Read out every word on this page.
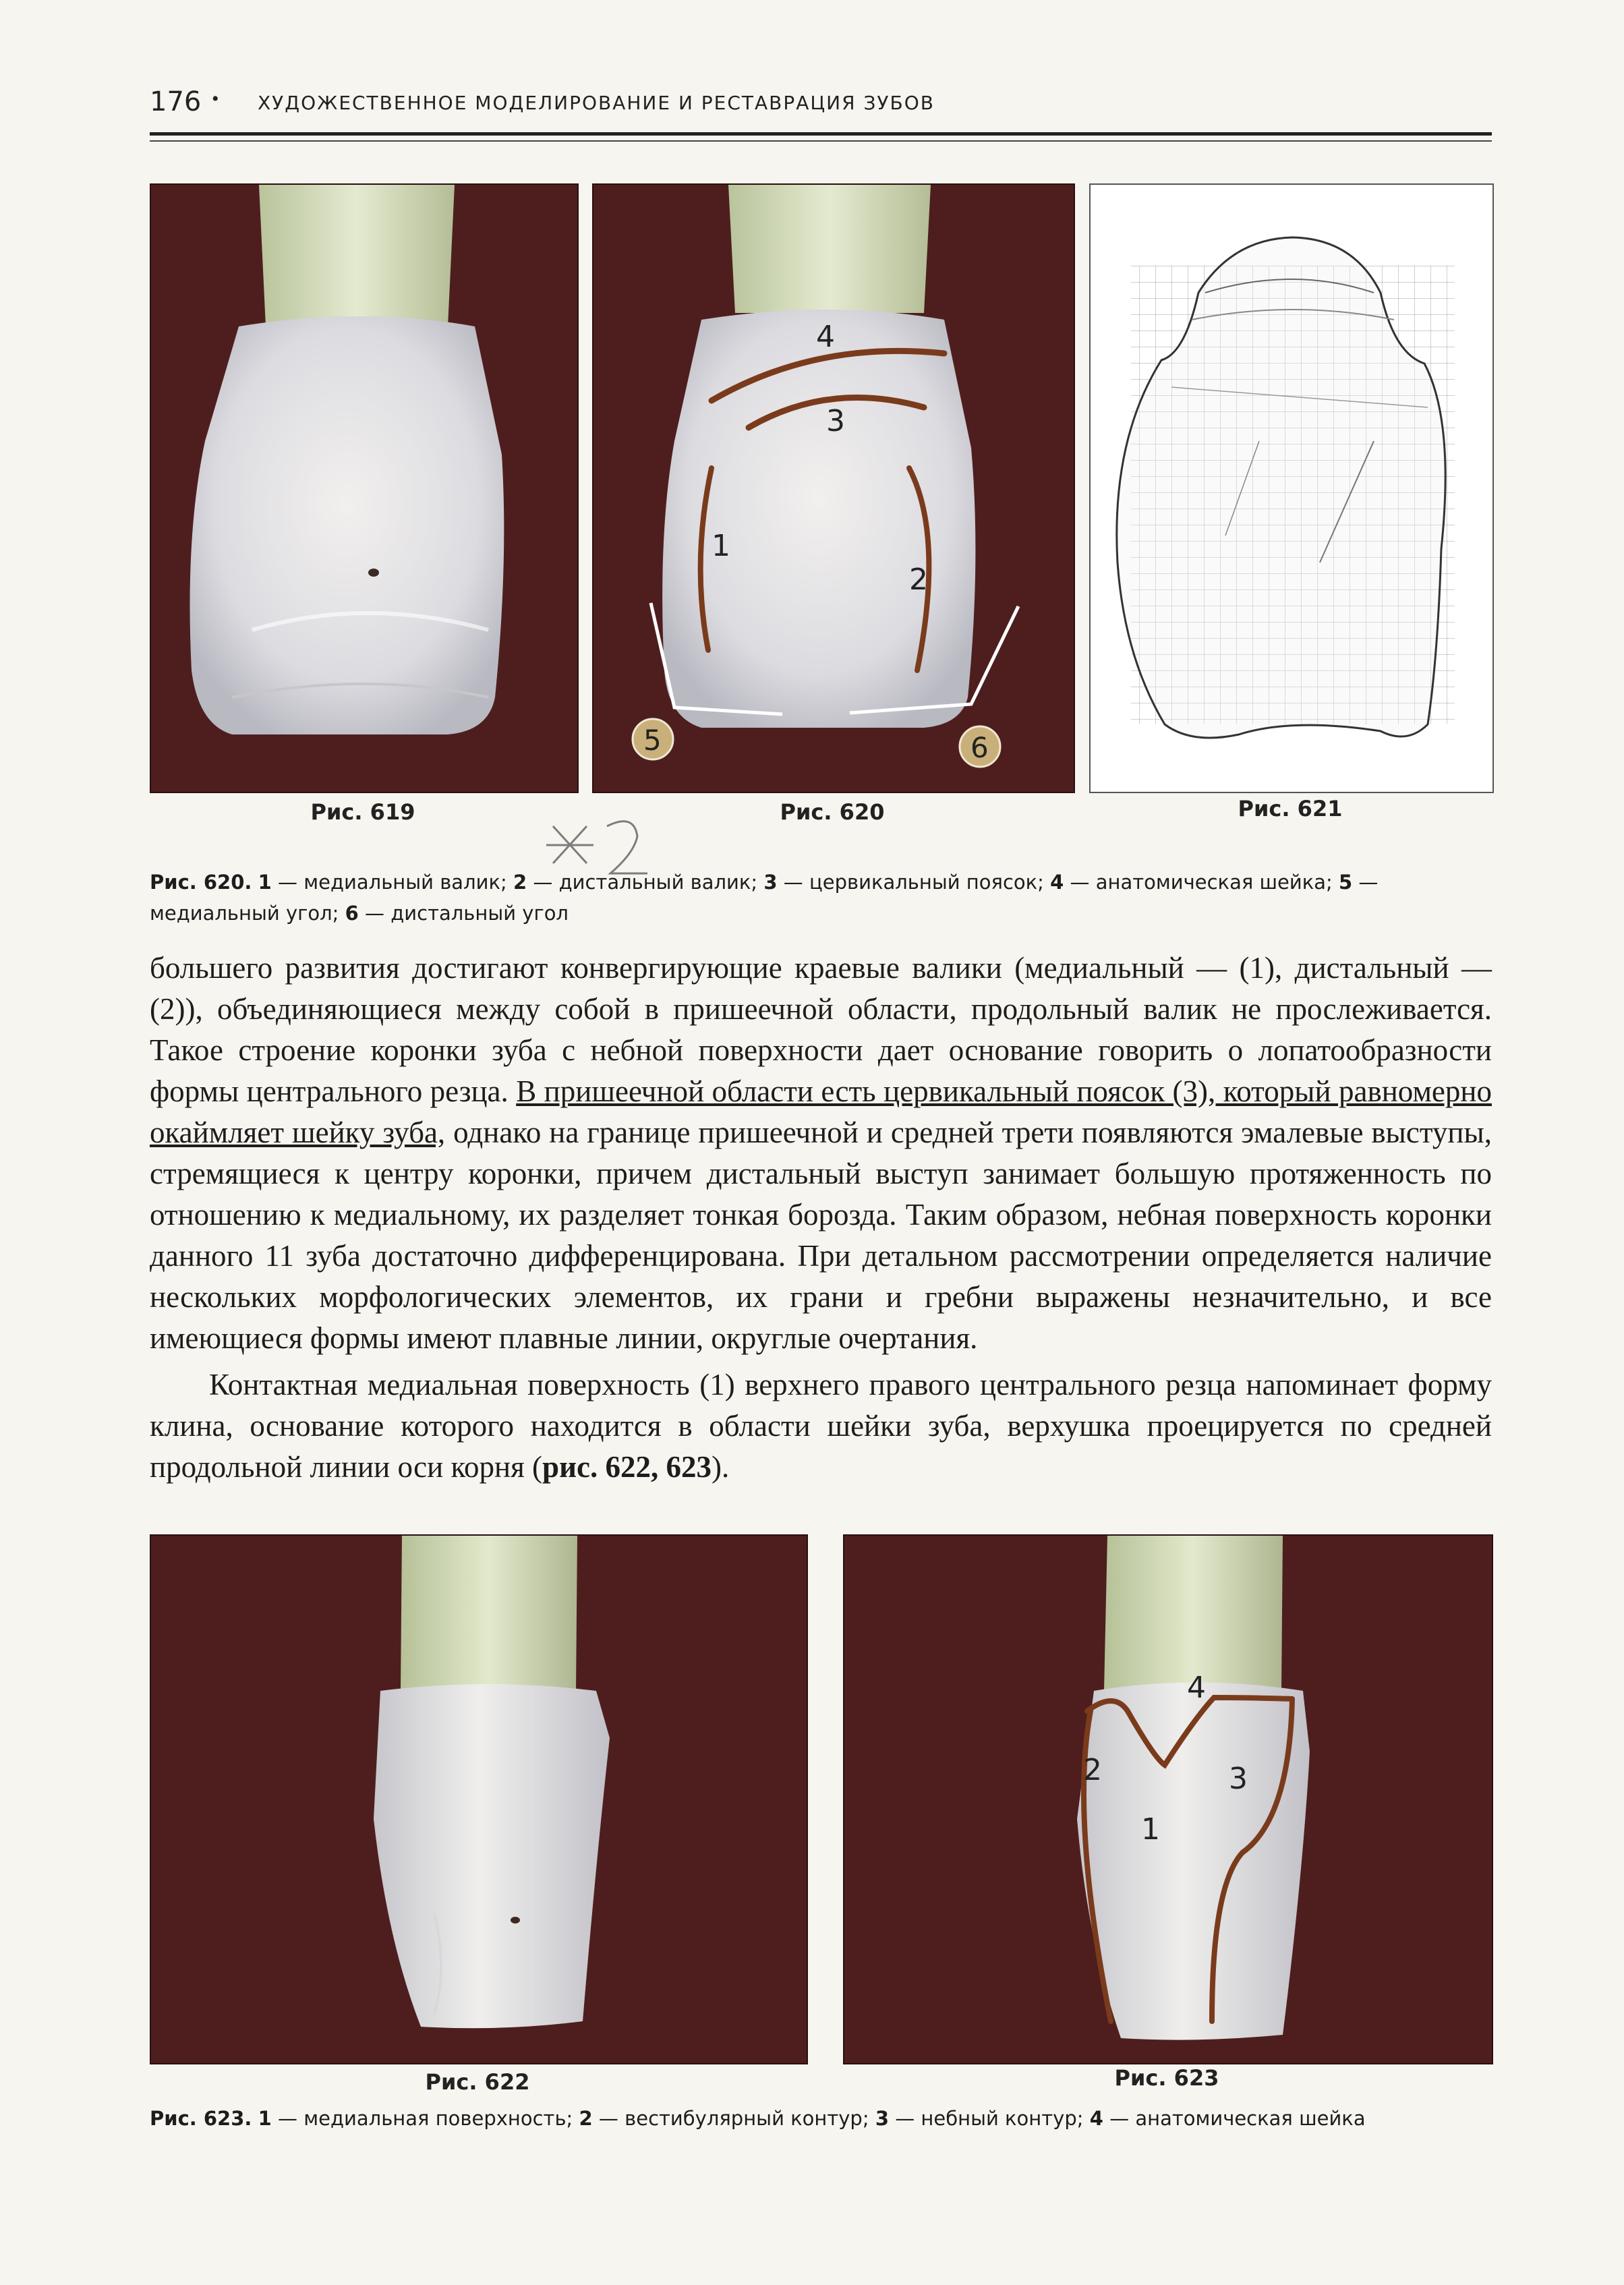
176 • ХУДОЖЕСТВЕННОЕ МОДЕЛИРОВАНИЕ И РЕСТАВРАЦИЯ ЗУБОВ
Рис. 619
4
3
1
2
5	6
Рис. 620	Рис. 621
Рис. 620. 1 — медиальный валик; 2 — дистальный валик; 3 — цервикальный поясок; 4 — анатомическая шейка; 5 — медиальный угол; 6 — дистальный угол

большего развития достигают конвергирующие краевые валики (медиальный — (1), дистальный — (2)), объединяющиеся между собой в пришеечной области, продольный валик не прослеживается. Такое строение коронки зуба с небной поверхности дает основание говорить о лопатообразности формы центрального резца. В пришеечной области есть цервикальный поясок (3), который равномерно окаймляет шейку зуба, однако на границе пришеечной и средней трети появляются эмалевые выступы, стремящиеся к центру коронки, причем дистальный выступ занимает большую протяженность по отношению к медиальному, их разделяет тонкая борозда. Таким образом, небная поверхность коронки данного 11 зуба достаточно дифференцирована. При детальном рассмотрении определяется наличие нескольких морфологических элементов, их грани и гребни выражены незначительно, и все имеющиеся формы имеют плавные линии, округлые очертания.

Контактная медиальная поверхность (1) верхнего правого центрального резца напоминает форму клина, основание которого находится в области шейки зуба, верхушка проецируется по средней продольной линии оси корня (рис. 622, 623).

Рис. 622
4
2	3
1
Рис. 623
Рис. 623. 1 — медиальная поверхность; 2 — вестибулярный контур; 3 — небный контур; 4 — анатомическая шейка
